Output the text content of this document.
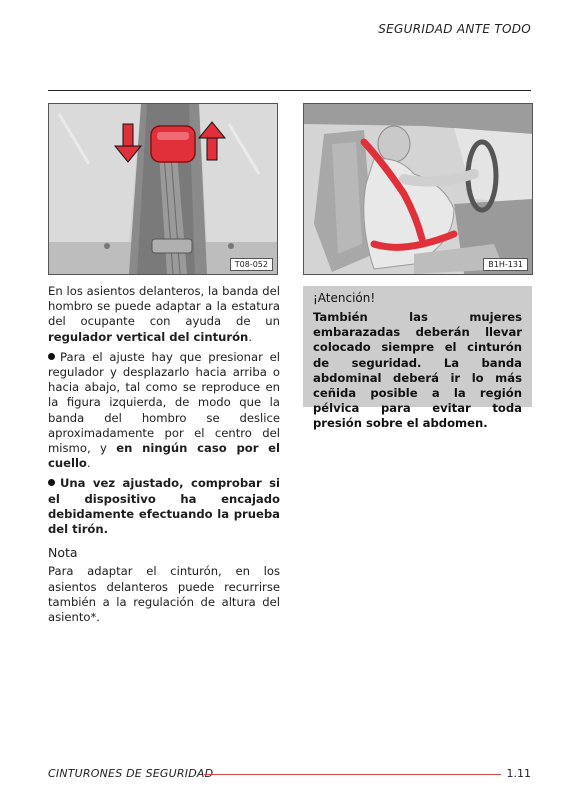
SEGURIDAD ANTE TODO
T08-052	B1H-131

En los asientos delanteros, la banda del hombro se puede adaptar a la estatura del ocupante con ayuda de un regulador vertical del cinturón.

Para el ajuste hay que presionar el regulador y desplazarlo hacia arriba o hacia abajo, tal como se reproduce en la figura izquierda, de modo que la banda del hombro se deslice aproximadamente por el centro del mismo, y en ningún caso por el cuello.

Una vez ajustado, comprobar si el dispositivo ha encajado debidamente efectuando la prueba del tirón.

Nota

Para adaptar el cinturón, en los asientos delanteros puede recurrirse también a la regulación de altura del asiento*.

¡Atención!
También las mujeres embarazadas deberán llevar colocado siempre el cinturón de seguridad. La banda abdominal deberá ir lo más ceñida posible a la región pélvica para evitar toda presión sobre el abdomen.
CINTURONES DE SEGURIDAD	1.11
